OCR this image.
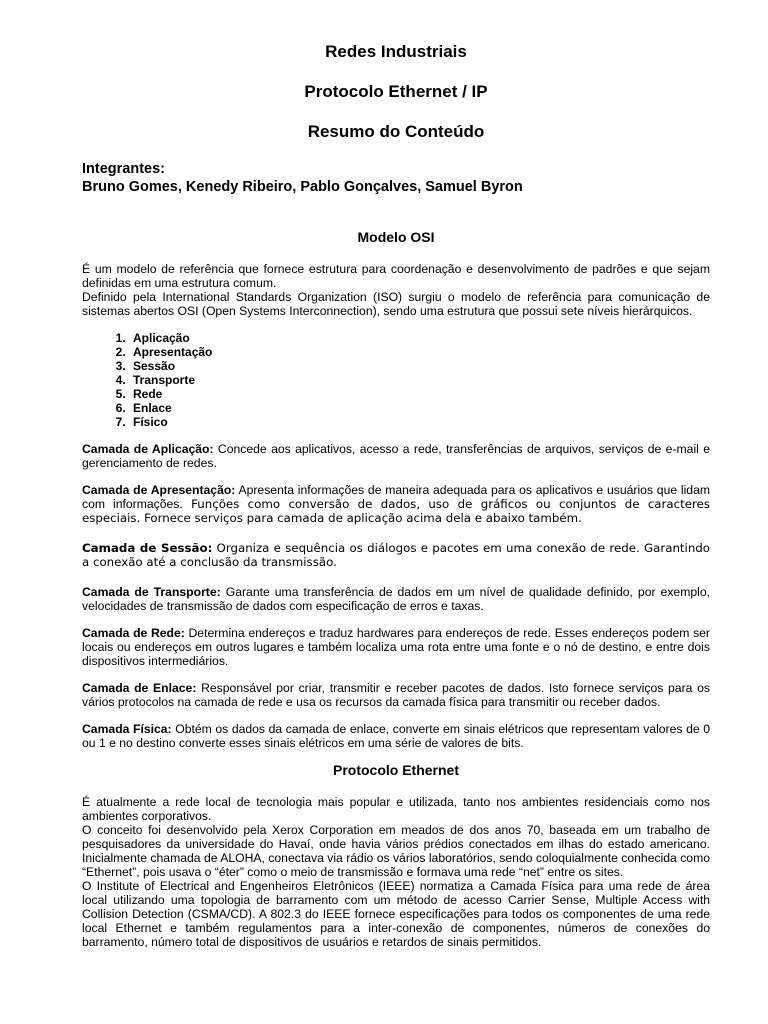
Redes Industriais
Protocolo Ethernet / IP
Resumo do Conteúdo
Integrantes:
Bruno Gomes, Kenedy Ribeiro, Pablo Gonçalves, Samuel Byron
Modelo OSI

É um modelo de referência que fornece estrutura para coordenação e desenvolvimento de padrões e que sejam definidas em uma estrutura comum.

Definido pela International Standards Organization (ISO) surgiu o modelo de referência para comunicação de sistemas abertos OSI (Open Systems Interconnection), sendo uma estrutura que possui sete níveis hierárquicos.

1. Aplicação
2. Apresentação
3. Sessão
4. Transporte
5. Rede
6. Enlace
7. Físico

Camada de Aplicação: Concede aos aplicativos, acesso a rede, transferências de arquivos, serviços de e-mail e gerenciamento de redes.

Camada de Apresentação: Apresenta informações de maneira adequada para os aplicativos e usuários que lidam com informações. Funções como conversão de dados, uso de gráficos ou conjuntos de caracteres especiais. Fornece serviços para camada de aplicação acima dela e abaixo também.

Camada de Sessão: Organiza e sequência os diálogos e pacotes em uma conexão de rede. Garantindo a conexão até a conclusão da transmissão.

Camada de Transporte: Garante uma transferência de dados em um nível de qualidade definido, por exemplo, velocidades de transmissão de dados com especificação de erros e taxas.

Camada de Rede: Determina endereços e traduz hardwares para endereços de rede. Esses endereços podem ser locais ou endereços em outros lugares e também localiza uma rota entre uma fonte e o nó de destino, e entre dois dispositivos intermediários.

Camada de Enlace: Responsável por criar, transmitir e receber pacotes de dados. Isto fornece serviços para os vários protocolos na camada de rede e usa os recursos da camada física para transmitir ou receber dados.

Camada Física: Obtém os dados da camada de enlace, converte em sinais elétricos que representam valores de 0 ou 1 e no destino converte esses sinais elétricos em uma série de valores de bits.

Protocolo Ethernet

É atualmente a rede local de tecnologia mais popular e utilizada, tanto nos ambientes residenciais como nos ambientes corporativos.

O conceito foi desenvolvido pela Xerox Corporation em meados de dos anos 70, baseada em um trabalho de pesquisadores da universidade do Havaí, onde havia vários prédios conectados em ilhas do estado americano. Inicialmente chamada de ALOHA, conectava via rádio os vários laboratórios, sendo coloquialmente conhecida como “Ethernet”, pois usava o “éter” como o meio de transmissão e formava uma rede “net” entre os sites.

O Institute of Electrical and Engenheiros Eletrônicos (IEEE) normatiza a Camada Física para uma rede de área local utilizando uma topologia de barramento com um método de acesso Carrier Sense, Multiple Access with Collision Detection (CSMA/CD). A 802.3 do IEEE fornece especificações para todos os componentes de uma rede local Ethernet e também regulamentos para a inter-conexão de componentes, números de conexões do barramento, número total de dispositivos de usuários e retardos de sinais permitidos.
